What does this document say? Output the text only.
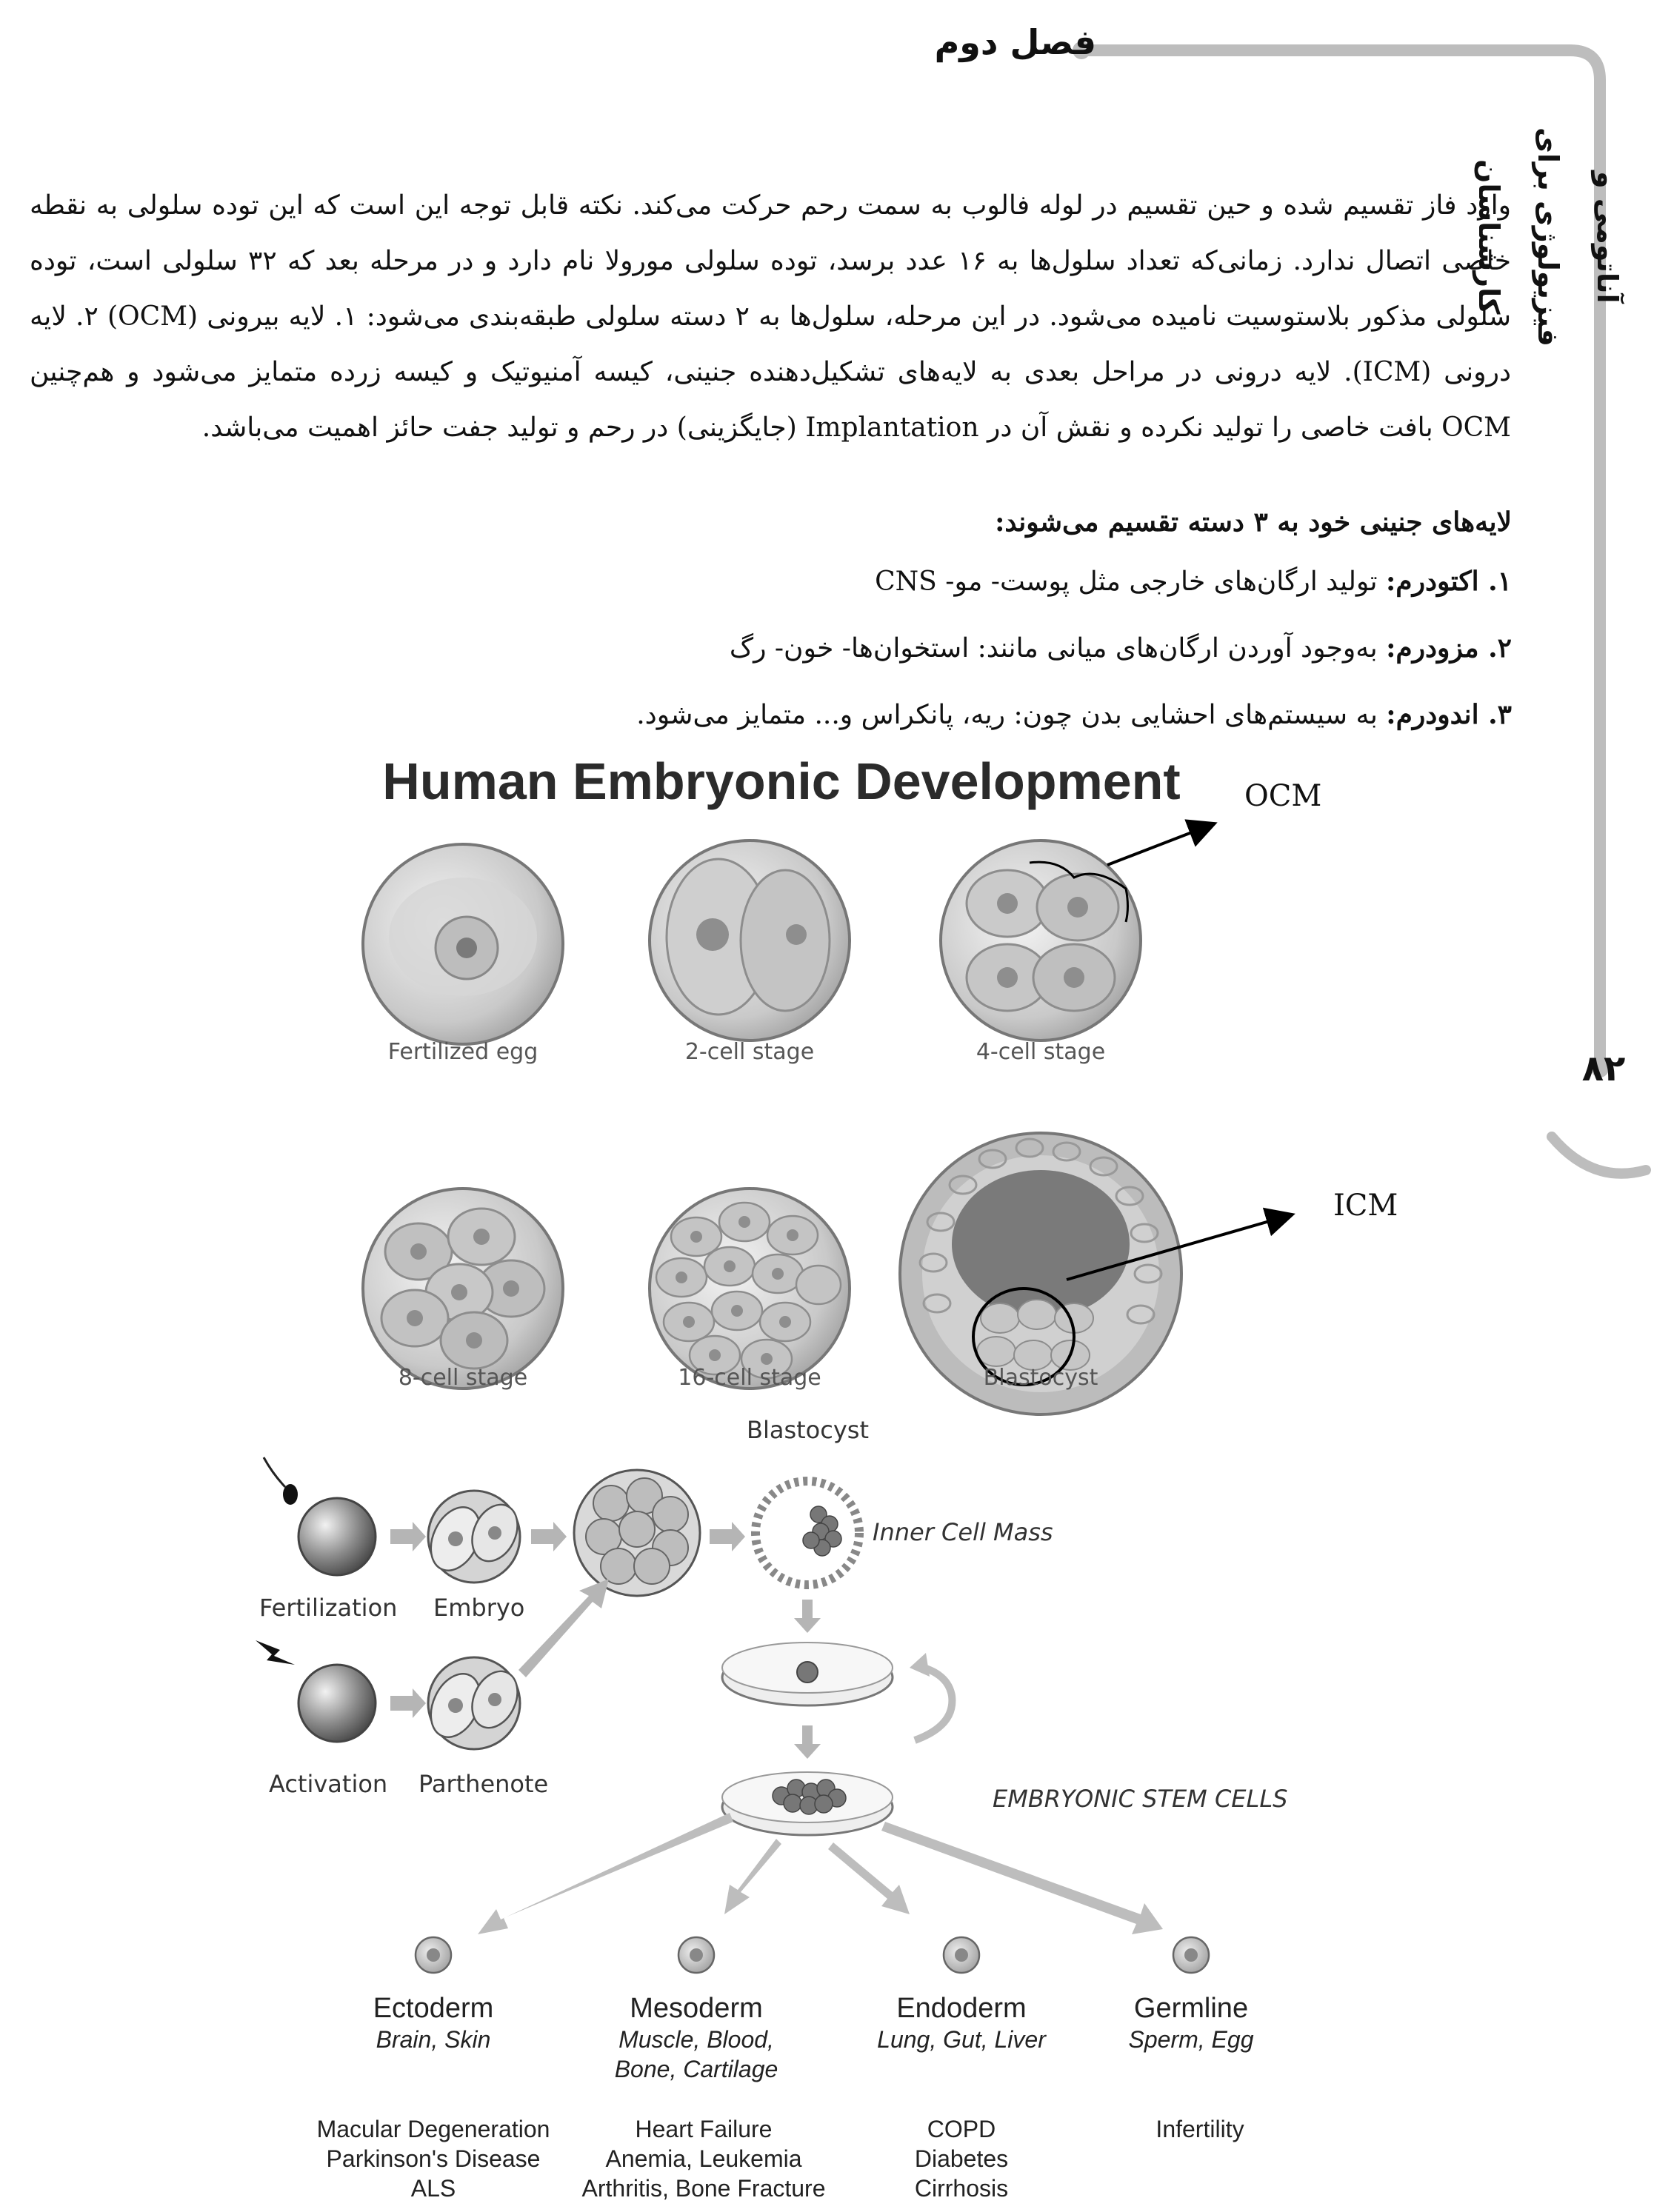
فصل دوم
آناتومی و فیزیولوژی برای کارشناسان
۸۲
وارد فاز تقسیم شده و حین تقسیم در لوله فالوب به سمت رحم حرکت می‌کند. نکته قابل توجه این است که این توده سلولی به نقطه خاصی اتصال ندارد. زمانی‌که تعداد سلول‌ها به ۱۶ عدد برسد، توده سلولی مورولا نام دارد و در مرحله بعد که ۳۲ سلولی است، توده سلولی مذکور بلاستوسیت نامیده می‌شود. در این مرحله، سلول‌ها به ۲ دسته سلولی طبقه‌بندی می‌شود: ۱. لایه بیرونی (OCM) ۲. لایه درونی (ICM). لایه درونی در مراحل بعدی به لایه‌های تشکیل‌دهنده جنینی، کیسه آمنیوتیک و کیسه زرده متمایز می‌شود و هم‌چنین OCM بافت خاصی را تولید نکرده و نقش آن در Implantation (جایگزینی) در رحم و تولید جفت حائز اهمیت می‌باشد.
لایه‌های جنینی خود به ۳ دسته تقسیم می‌شوند:
۱. اکتودرم: تولید ارگان‌های خارجی مثل پوست- مو- CNS
۲. مزودرم: به‌وجود آوردن ارگان‌های میانی مانند: استخوان‌ها- خون- رگ
۳. اندودرم: به سیستم‌های احشایی بدن چون: ریه، پانکراس و... متمایز می‌شود.
Human Embryonic Development
Fertilized egg	2-cell stage	4-cell stage
8-cell stage	16-cell stage	Blastocyst
OCM
ICM
Blastocyst
Inner Cell Mass
Fertilization Embryo
Activation Parthenote
EMBRYONIC STEM CELLS
Ectoderm
Brain, Skin
Mesoderm
Muscle, Blood,
Bone, Cartilage
Endoderm
Lung, Gut, Liver
Germline
Sperm, Egg
Macular Degeneration
Parkinson's Disease
ALS
Heart Failure
Anemia, Leukemia
Arthritis, Bone Fracture
COPD
Diabetes
Cirrhosis
Infertility
